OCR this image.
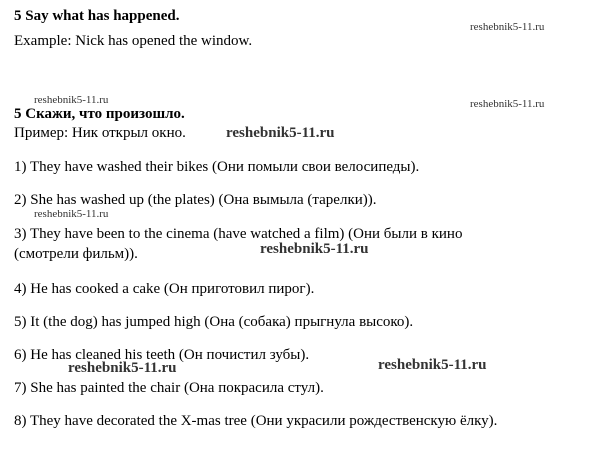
5 Say what has happened.
Example: Nick has opened the window.
5 Скажи, что произошло.
Пример: Ник открыл окно.
1) They have washed their bikes (Они помыли свои велосипеды).
2) She has washed up (the plates) (Она вымыла (тарелки)).
3) They have been to the cinema (have watched a film) (Они были в кино
(смотрели фильм)).
4) He has cooked a cake (Он приготовил пирог).
5) It (the dog) has jumped high (Она (собака) прыгнула высоко).
6) He has cleaned his teeth (Он почистил зубы).
7) She has painted the chair (Она покрасила стул).
8) They have decorated the X-mas tree (Они украсили рождественскую ёлку).
reshebnik5-11.ru
reshebnik5-11.ru	reshebnik5-11.ru
reshebnik5-11.ru
reshebnik5-11.ru
reshebnik5-11.ru
reshebnik5-11.ru	reshebnik5-11.ru
